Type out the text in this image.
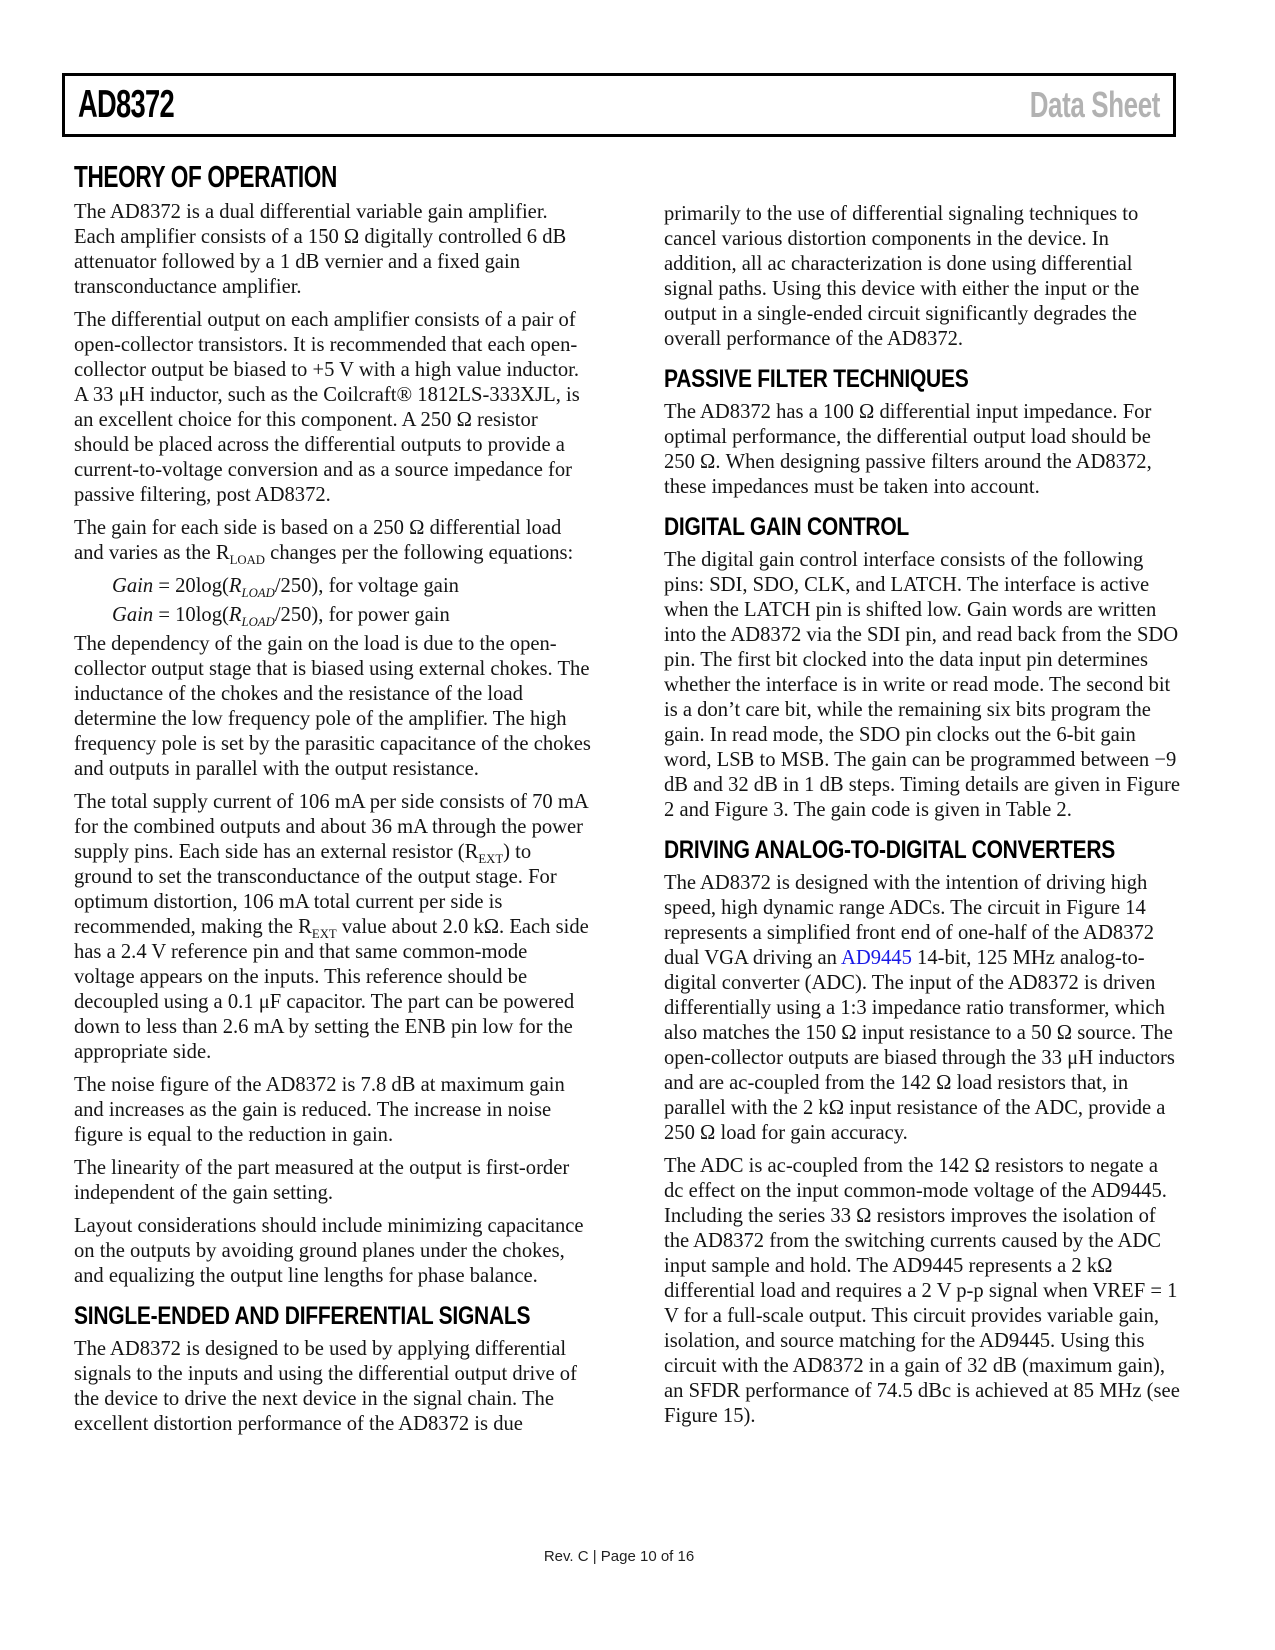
AD8372	Data Sheet
THEORY OF OPERATION

The AD8372 is a dual differential variable gain amplifier. Each amplifier consists of a 150 Ω digitally controlled 6 dB attenuator followed by a 1 dB vernier and a fixed gain transconductance amplifier.

The differential output on each amplifier consists of a pair of open-collector transistors. It is recommended that each open-collector output be biased to +5 V with a high value inductor. A 33 μH inductor, such as the Coilcraft® 1812LS-333XJL, is an excellent choice for this component. A 250 Ω resistor should be placed across the differential outputs to provide a current-to-voltage conversion and as a source impedance for passive filtering, post AD8372.

The gain for each side is based on a 250 Ω differential load and varies as the $R_{LOAD}$ changes per the following equations:

Gain = $20\log(R_{LOAD}/250)$, for voltage gain

Gain = $10\log(R_{LOAD}/250)$, for power gain

The dependency of the gain on the load is due to the open-collector output stage that is biased using external chokes. The inductance of the chokes and the resistance of the load determine the low frequency pole of the amplifier. The high frequency pole is set by the parasitic capacitance of the chokes and outputs in parallel with the output resistance.

The total supply current of 106 mA per side consists of 70 mA for the combined outputs and about 36 mA through the power supply pins. Each side has an external resistor $(R_{EXT})$ to ground to set the transconductance of the output stage. For optimum distortion, 106 mA total current per side is recommended, making the $R_{EXT}$ value about 2.0 kΩ. Each side has a 2.4 V reference pin and that same common-mode voltage appears on the inputs. This reference should be decoupled using a 0.1 μF capacitor. The part can be powered down to less than 2.6 mA by setting the ENB pin low for the appropriate side.

The noise figure of the AD8372 is 7.8 dB at maximum gain and increases as the gain is reduced. The increase in noise figure is equal to the reduction in gain.

The linearity of the part measured at the output is first-order independent of the gain setting.

Layout considerations should include minimizing capacitance on the outputs by avoiding ground planes under the chokes, and equalizing the output line lengths for phase balance.

SINGLE-ENDED AND DIFFERENTIAL SIGNALS

The AD8372 is designed to be used by applying differential signals to the inputs and using the differential output drive of the device to drive the next device in the signal chain. The excellent distortion performance of the AD8372 is due

primarily to the use of differential signaling techniques to cancel various distortion components in the device. In addition, all ac characterization is done using differential signal paths. Using this device with either the input or the output in a single-ended circuit significantly degrades the overall performance of the AD8372.

PASSIVE FILTER TECHNIQUES

The AD8372 has a 100 Ω differential input impedance. For optimal performance, the differential output load should be 250 Ω. When designing passive filters around the AD8372, these impedances must be taken into account.

DIGITAL GAIN CONTROL

The digital gain control interface consists of the following pins: SDI, SDO, CLK, and LATCH. The interface is active when the LATCH pin is shifted low. Gain words are written into the AD8372 via the SDI pin, and read back from the SDO pin. The first bit clocked into the data input pin determines whether the interface is in write or read mode. The second bit is a don’t care bit, while the remaining six bits program the gain. In read mode, the SDO pin clocks out the 6-bit gain word, LSB to MSB. The gain can be programmed between −9 dB and 32 dB in 1 dB steps. Timing details are given in Figure 2 and Figure 3. The gain code is given in Table 2.

DRIVING ANALOG-TO-DIGITAL CONVERTERS

The AD8372 is designed with the intention of driving high speed, high dynamic range ADCs. The circuit in Figure 14 represents a simplified front end of one-half of the AD8372 dual VGA driving an AD9445 14-bit, 125 MHz analog-to-digital converter (ADC). The input of the AD8372 is driven differentially using a 1:3 impedance ratio transformer, which also matches the 150 Ω input resistance to a 50 Ω source. The open-collector outputs are biased through the 33 μH inductors and are ac-coupled from the 142 Ω load resistors that, in parallel with the 2 kΩ input resistance of the ADC, provide a 250 Ω load for gain accuracy.

The ADC is ac-coupled from the 142 Ω resistors to negate a dc effect on the input common-mode voltage of the AD9445. Including the series 33 Ω resistors improves the isolation of the AD8372 from the switching currents caused by the ADC input sample and hold. The AD9445 represents a 2 kΩ differential load and requires a 2 V p-p signal when VREF = 1 V for a full-scale output. This circuit provides variable gain, isolation, and source matching for the AD9445. Using this circuit with the AD8372 in a gain of 32 dB (maximum gain), an SFDR performance of 74.5 dBc is achieved at 85 MHz (see Figure 15).

Rev. C | Page 10 of 16
